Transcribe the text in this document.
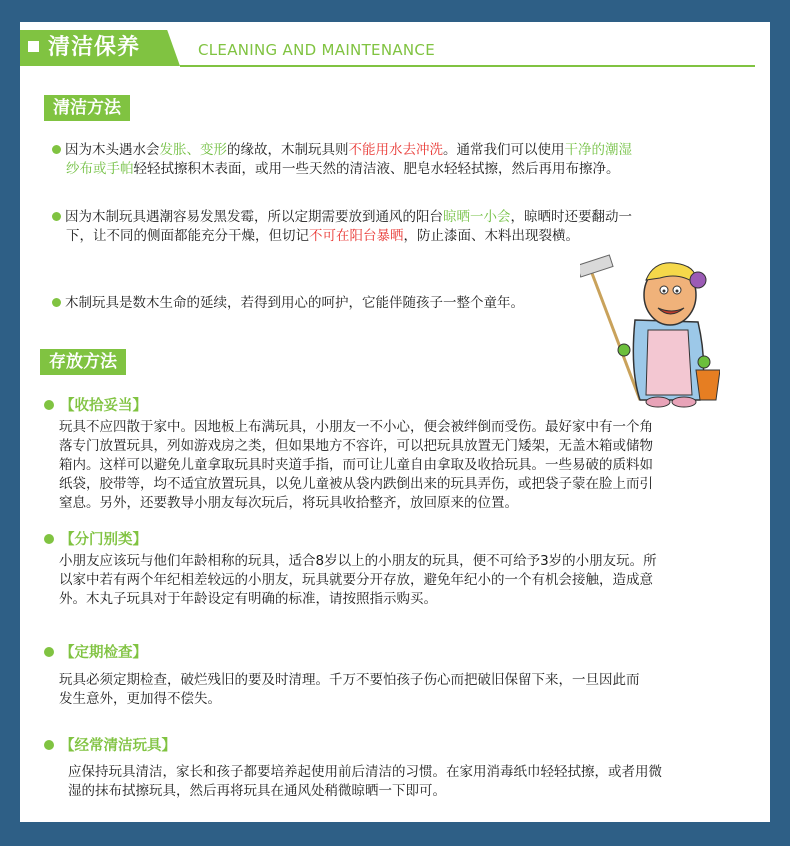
清洁保养	CLEANING AND MAINTENANCE
清洁方法
因为木头遇水会发胀、变形的缘故，木制玩具则不能用水去冲洗。通常我们可以使用干净的潮湿
纱布或手帕轻轻拭擦积木表面，或用一些天然的清洁液、肥皂水轻轻拭擦，然后再用布擦净。
因为木制玩具遇潮容易发黑发霉，所以定期需要放到通风的阳台晾晒一小会，晾晒时还要翻动一
下，让不同的侧面都能充分干燥，但切记不可在阳台暴晒，防止漆面、木料出现裂横。
木制玩具是数木生命的延续，若得到用心的呵护，它能伴随孩子一整个童年。
存放方法
【收拾妥当】
玩具不应四散于家中。因地板上布满玩具，小朋友一不小心，便会被绊倒而受伤。最好家中有一个角
落专门放置玩具，列如游戏房之类，但如果地方不容许，可以把玩具放置无门矮架，无盖木箱或储物
箱内。这样可以避免儿童拿取玩具时夹道手指，而可让儿童自由拿取及收拾玩具。一些易破的质料如
纸袋，胶带等，均不适宜放置玩具，以免儿童被从袋内跌倒出来的玩具弄伤，或把袋子蒙在脸上而引
窒息。另外，还要教导小朋友每次玩后，将玩具收拾整齐，放回原来的位置。
【分门别类】
小朋友应该玩与他们年龄相称的玩具，适合8岁以上的小朋友的玩具，便不可给予3岁的小朋友玩。所
以家中若有两个年纪相差较远的小朋友，玩具就要分开存放，避免年纪小的一个有机会接触，造成意
外。木丸子玩具对于年龄设定有明确的标准，请按照指示购买。
【定期检查】
玩具必须定期检查，破烂残旧的要及时清理。千万不要怕孩子伤心而把破旧保留下来，一旦因此而
发生意外，更加得不偿失。
【经常清洁玩具】
应保持玩具清洁，家长和孩子都要培养起使用前后清洁的习惯。在家用消毒纸巾轻轻拭擦，或者用微
湿的抹布拭擦玩具，然后再将玩具在通风处稍微晾晒一下即可。
